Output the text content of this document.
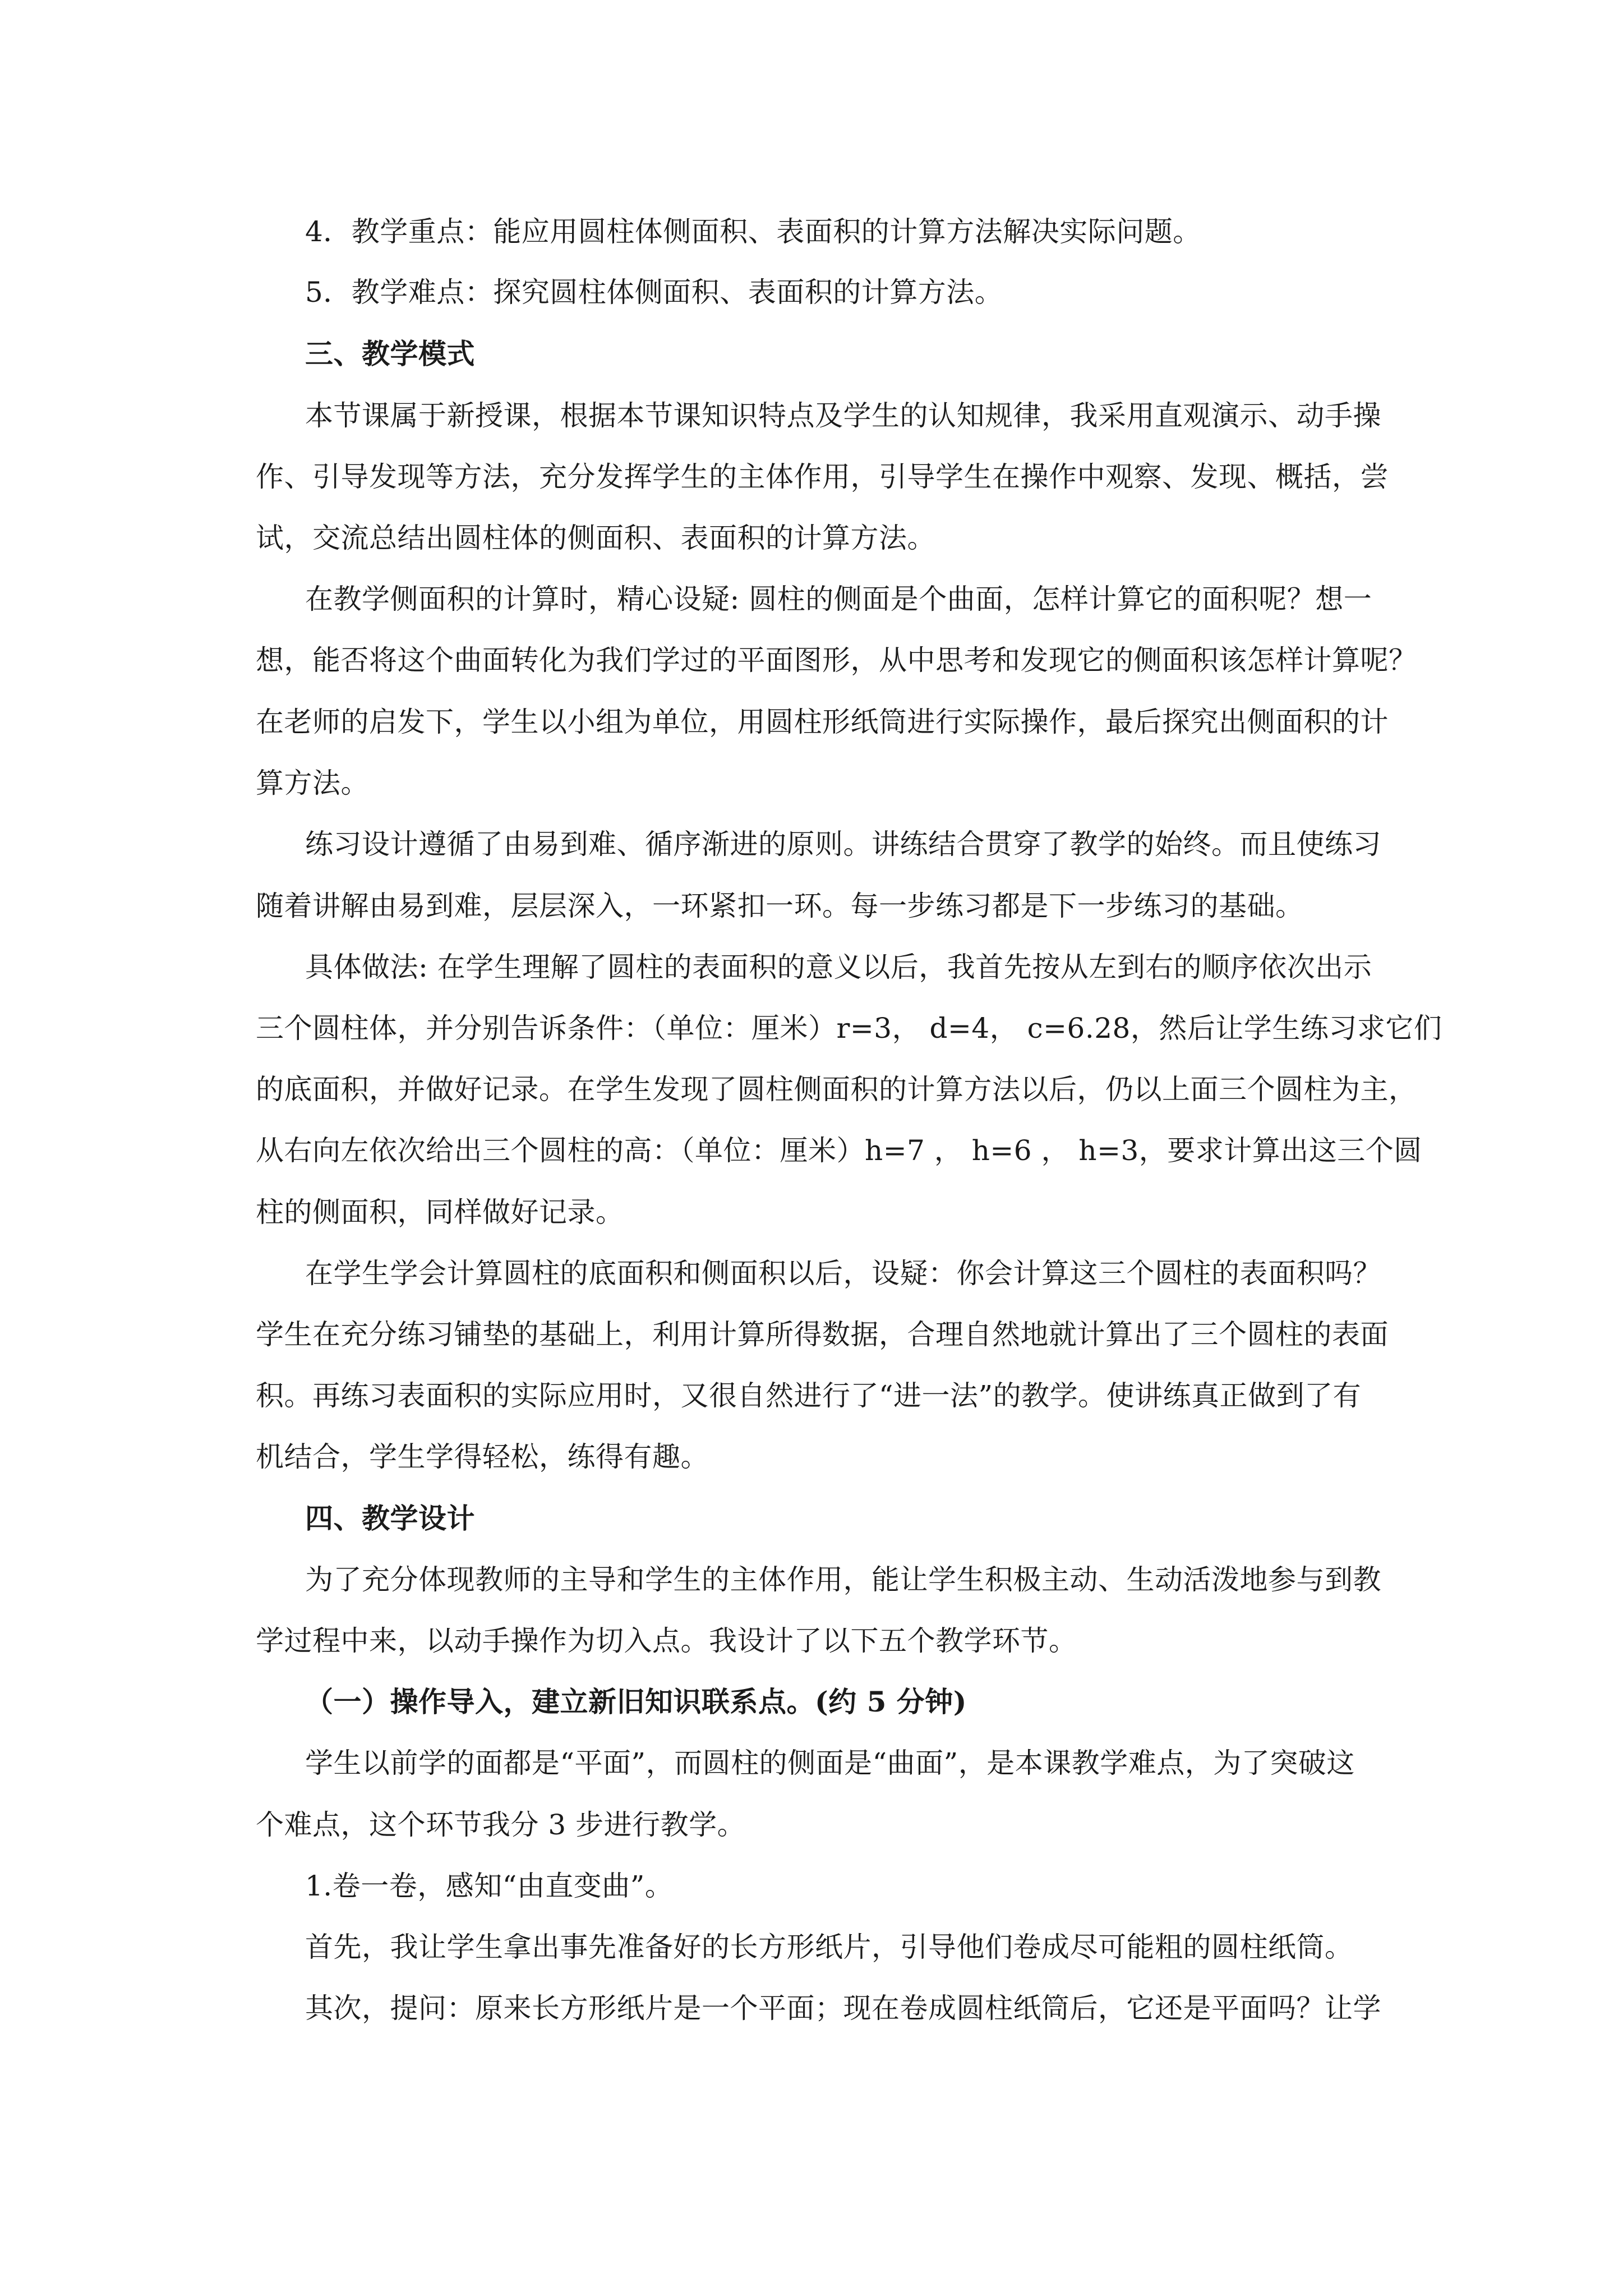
4．教学重点：能应用圆柱体侧面积、表面积的计算方法解决实际问题。
5．教学难点：探究圆柱体侧面积、表面积的计算方法。
三、教学模式
本节课属于新授课，根据本节课知识特点及学生的认知规律，我采用直观演示、动手操
作、引导发现等方法，充分发挥学生的主体作用，引导学生在操作中观察、发现、概括，尝
试，交流总结出圆柱体的侧面积、表面积的计算方法。
在教学侧面积的计算时，精心设疑: 圆柱的侧面是个曲面，怎样计算它的面积呢？想一
想，能否将这个曲面转化为我们学过的平面图形，从中思考和发现它的侧面积该怎样计算呢？
在老师的启发下，学生以小组为单位，用圆柱形纸筒进行实际操作，最后探究出侧面积的计
算方法。
练习设计遵循了由易到难、循序渐进的原则。讲练结合贯穿了教学的始终。而且使练习
随着讲解由易到难，层层深入，一环紧扣一环。每一步练习都是下一步练习的基础。
具体做法: 在学生理解了圆柱的表面积的意义以后，我首先按从左到右的顺序依次出示
三个圆柱体，并分别告诉条件：（单位：厘米）r=3， d=4， c=6.28，然后让学生练习求它们
的底面积，并做好记录。在学生发现了圆柱侧面积的计算方法以后，仍以上面三个圆柱为主，
从右向左依次给出三个圆柱的高：（单位：厘米）h=7 ， h=6 ， h=3，要求计算出这三个圆
柱的侧面积，同样做好记录。
在学生学会计算圆柱的底面积和侧面积以后，设疑：你会计算这三个圆柱的表面积吗？
学生在充分练习铺垫的基础上，利用计算所得数据，合理自然地就计算出了三个圆柱的表面
积。再练习表面积的实际应用时，又很自然进行了“进一法”的教学。使讲练真正做到了有
机结合，学生学得轻松，练得有趣。
四、教学设计
为了充分体现教师的主导和学生的主体作用，能让学生积极主动、生动活泼地参与到教
学过程中来，以动手操作为切入点。我设计了以下五个教学环节。
（一）操作导入，建立新旧知识联系点。(约 5 分钟)
学生以前学的面都是“平面”，而圆柱的侧面是“曲面”，是本课教学难点，为了突破这
个难点，这个环节我分 3 步进行教学。
1.卷一卷，感知“由直变曲”。
首先，我让学生拿出事先准备好的长方形纸片，引导他们卷成尽可能粗的圆柱纸筒。
其次，提问：原来长方形纸片是一个平面；现在卷成圆柱纸筒后，它还是平面吗？让学
